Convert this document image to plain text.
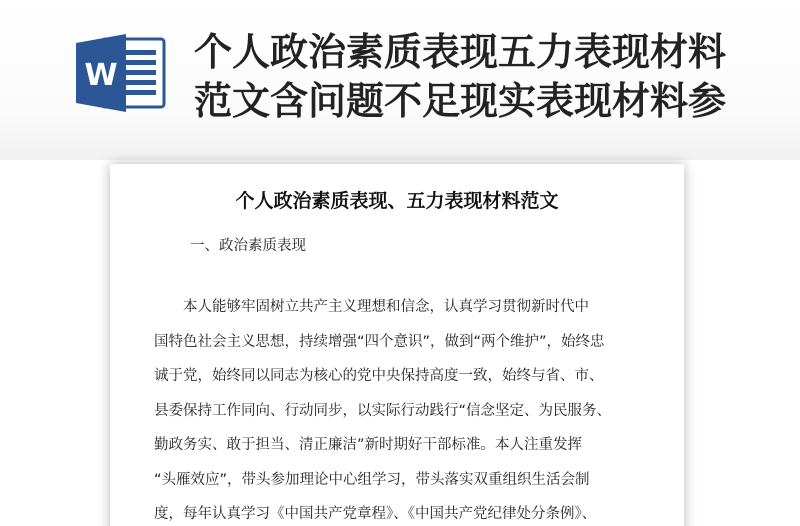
W
个人政治素质表现五力表现材料
范文含问题不足现实表现材料参
个人政治素质表现、五力表现材料范文
一、政治素质表现
本人能够牢固树立共产主义理想和信念，认真学习贯彻新时代中
国特色社会主义思想，持续增强“四个意识”，做到“两个维护”，始终忠
诚于党，始终同以同志为核心的党中央保持高度一致，始终与省、市、
县委保持工作同向、行动同步，以实际行动践行“信念坚定、为民服务、
勤政务实、敢于担当、清正廉洁”新时期好干部标准。本人注重发挥
“头雁效应”，带头参加理论中心组学习，带头落实双重组织生活会制
度，每年认真学习《中国共产党章程》、《中国共产党纪律处分条例》、
